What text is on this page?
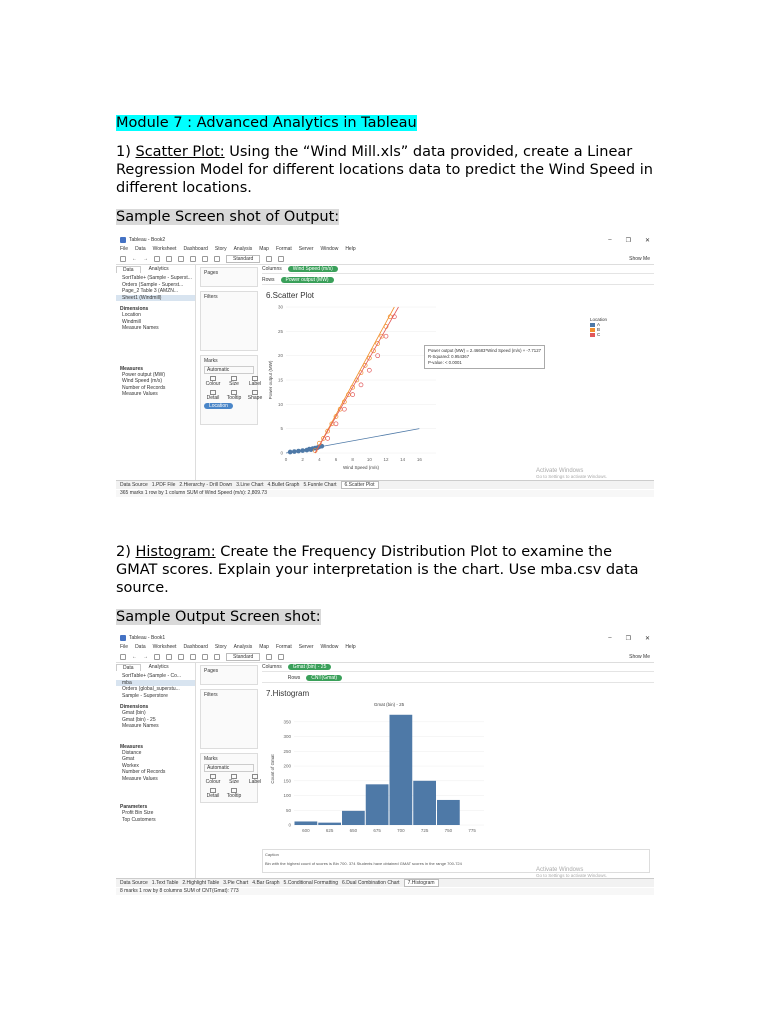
Module 7 : Advanced Analytics in Tableau
1) Scatter Plot: Using the “Wind Mill.xls” data provided, create a Linear Regression Model for different locations data to predict the Wind Speed in different locations.
Sample Screen shot of Output:
2) Histogram: Create the Frequency Distribution Plot to examine the GMAT scores. Explain your interpretation is the chart. Use mba.csv data source.
Sample Output Screen shot:
Tableau - Book2	– ❐ ✕
File Data Worksheet Dashboard Story Analysis Map Format Server Window Help
← →	Standard	Show Me
Data	Analytics
SortTable+ (Sample - Superst...
Orders (Sample - Superst...
Page_2 Table 3 (AMZN...
Sheet1 (Windmill)
Dimensions
Location
Windmill
Measure Names
Measures
Power output (MW)
Wind Speed (m/s)
Number of Records
Measure Values
Pages
Filters
Marks
Automatic
Colour	Size	Label
Detail	Tooltip	Shape
Location
Columns	Wind Speed (m/s)
Rows	Power output (MW)
6.Scatter Plot
0
5
10
15
20
25
30
0	2	4	6	8	10	12	14	16
Wind Speed (m/s)
Power output (MW)
Power output (MW) = 2.46683*Wind Speed (m/s) + -7.7127
R-Squared: 0.954367
P-value: < 0.0001
Location
A
B
C
Activate Windows
Go to Settings to activate Windows.
Data Source 1.PDF File 2.Hierarchy - Drill Down 3.Line Chart 4.Bullet Graph 5.Funnle Chart	6.Scatter Plot
365 marks 1 row by 1 column SUM of Wind Speed (m/s): 2,809.73
Tableau - Book1	– ❐ ✕
File Data Worksheet Dashboard Story Analysis Map Format Server Window Help
← →	Standard	Show Me
Data	Analytics
SortTable+ (Sample - Co...
mba
Orders (global_superstu...
Sample - Superstore
Dimensions
Gmat (bin)
Gmat (bin) - 25
Measure Names
Measures
Distance
Gmat
Workex
Number of Records
Measure Values
Parameters
Profit Bin Size
Top Customers
Pages
Filters
Marks
Automatic
Colour	Size	Label
Detail	Tooltip
Columns	Gmat (bin) - 25
Rows	CNT(Gmat)
7.Histogram
Gmat (bin) - 25
0
50
100
150
200
250
300
350
Count of Gmat
600	625	650	675	700	725	750	775
Caption
Bin with the highest count of scores is Bin 700. 374 Students have obtained GMAT scores in the range 700-724
Activate Windows
Go to Settings to activate Windows.
Data Source 1.Text Table 2.Highlight Table 3.Pie Chart 4.Bar Graph 5.Conditional Formatting 6.Dual Combination Chart	7.Histogram
8 marks 1 row by 8 columns SUM of CNT(Gmat): 773
